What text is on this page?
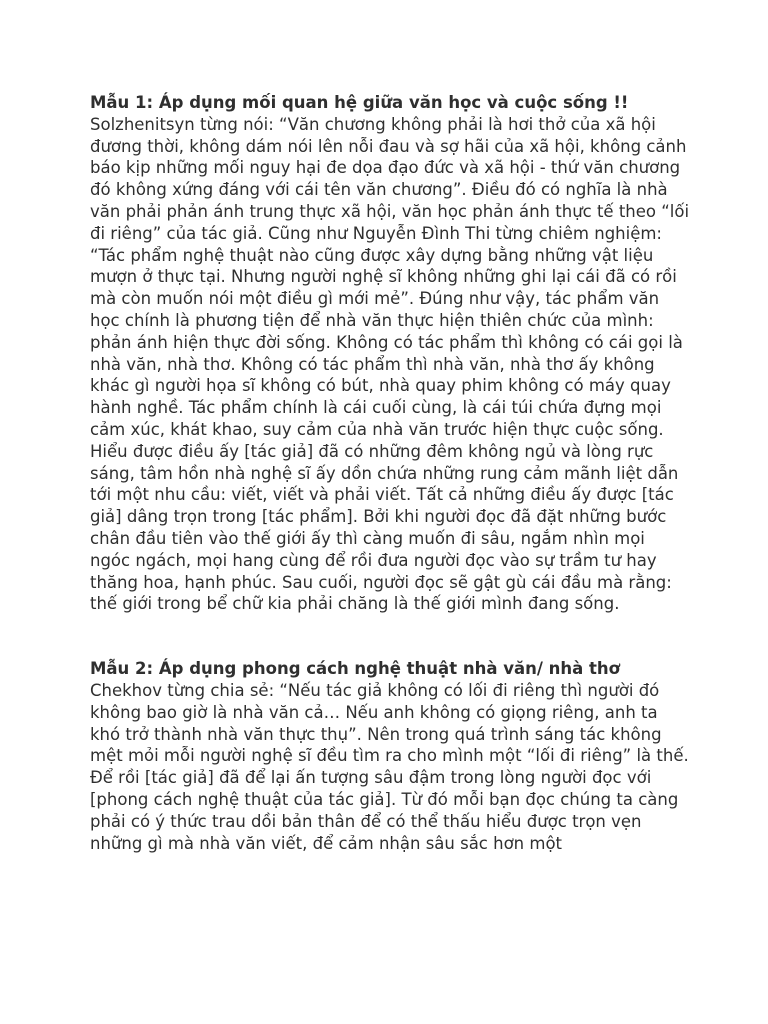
Mẫu 1: Áp dụng mối quan hệ giữa văn học và cuộc sống !!
Solzhenitsyn từng nói: “Văn chương không phải là hơi thở của xã hội đương thời, không dám nói lên nỗi đau và sợ hãi của xã hội, không cảnh báo kịp những mối nguy hại đe dọa đạo đức và xã hội - thứ văn chương đó không xứng đáng với cái tên văn chương”. Điều đó có nghĩa là nhà văn phải phản ánh trung thực xã hội, văn học phản ánh thực tế theo “lối đi riêng” của tác giả. Cũng như Nguyễn Đình Thi từng chiêm nghiệm: “Tác phẩm nghệ thuật nào cũng được xây dựng bằng những vật liệu mượn ở thực tại. Nhưng người nghệ sĩ không những ghi lại cái đã có rồi mà còn muốn nói một điều gì mới mẻ”. Đúng như vậy, tác phẩm văn học chính là phương tiện để nhà văn thực hiện thiên chức của mình: phản ánh hiện thực đời sống. Không có tác phẩm thì không có cái gọi là nhà văn, nhà thơ. Không có tác phẩm thì nhà văn, nhà thơ ấy không khác gì người họa sĩ không có bút, nhà quay phim không có máy quay hành nghề. Tác phẩm chính là cái cuối cùng, là cái túi chứa đựng mọi cảm xúc, khát khao, suy cảm của nhà văn trước hiện thực cuộc sống. Hiểu được điều ấy [tác giả] đã có những đêm không ngủ và lòng rực sáng, tâm hồn nhà nghệ sĩ ấy dồn chứa những rung cảm mãnh liệt dẫn tới một nhu cầu: viết, viết và phải viết. Tất cả những điều ấy được [tác giả] dâng trọn trong [tác phẩm]. Bởi khi người đọc đã đặt những bước chân đầu tiên vào thế giới ấy thì càng muốn đi sâu, ngắm nhìn mọi ngóc ngách, mọi hang cùng để rồi đưa người đọc vào sự trầm tư hay thăng hoa, hạnh phúc. Sau cuối, người đọc sẽ gật gù cái đầu mà rằng: thế giới trong bể chữ kia phải chăng là thế giới mình đang sống.
Mẫu 2: Áp dụng phong cách nghệ thuật nhà văn/ nhà thơ
Chekhov từng chia sẻ: “Nếu tác giả không có lối đi riêng thì người đó không bao giờ là nhà văn cả… Nếu anh không có giọng riêng, anh ta khó trở thành nhà văn thực thụ”. Nên trong quá trình sáng tác không mệt mỏi mỗi người nghệ sĩ đều tìm ra cho mình một “lối đi riêng” là thế. Để rồi [tác giả] đã để lại ấn tượng sâu đậm trong lòng người đọc với [phong cách nghệ thuật của tác giả]. Từ đó mỗi bạn đọc chúng ta càng phải có ý thức trau dồi bản thân để có thể thấu hiểu được trọn vẹn những gì mà nhà văn viết, để cảm nhận sâu sắc hơn một
